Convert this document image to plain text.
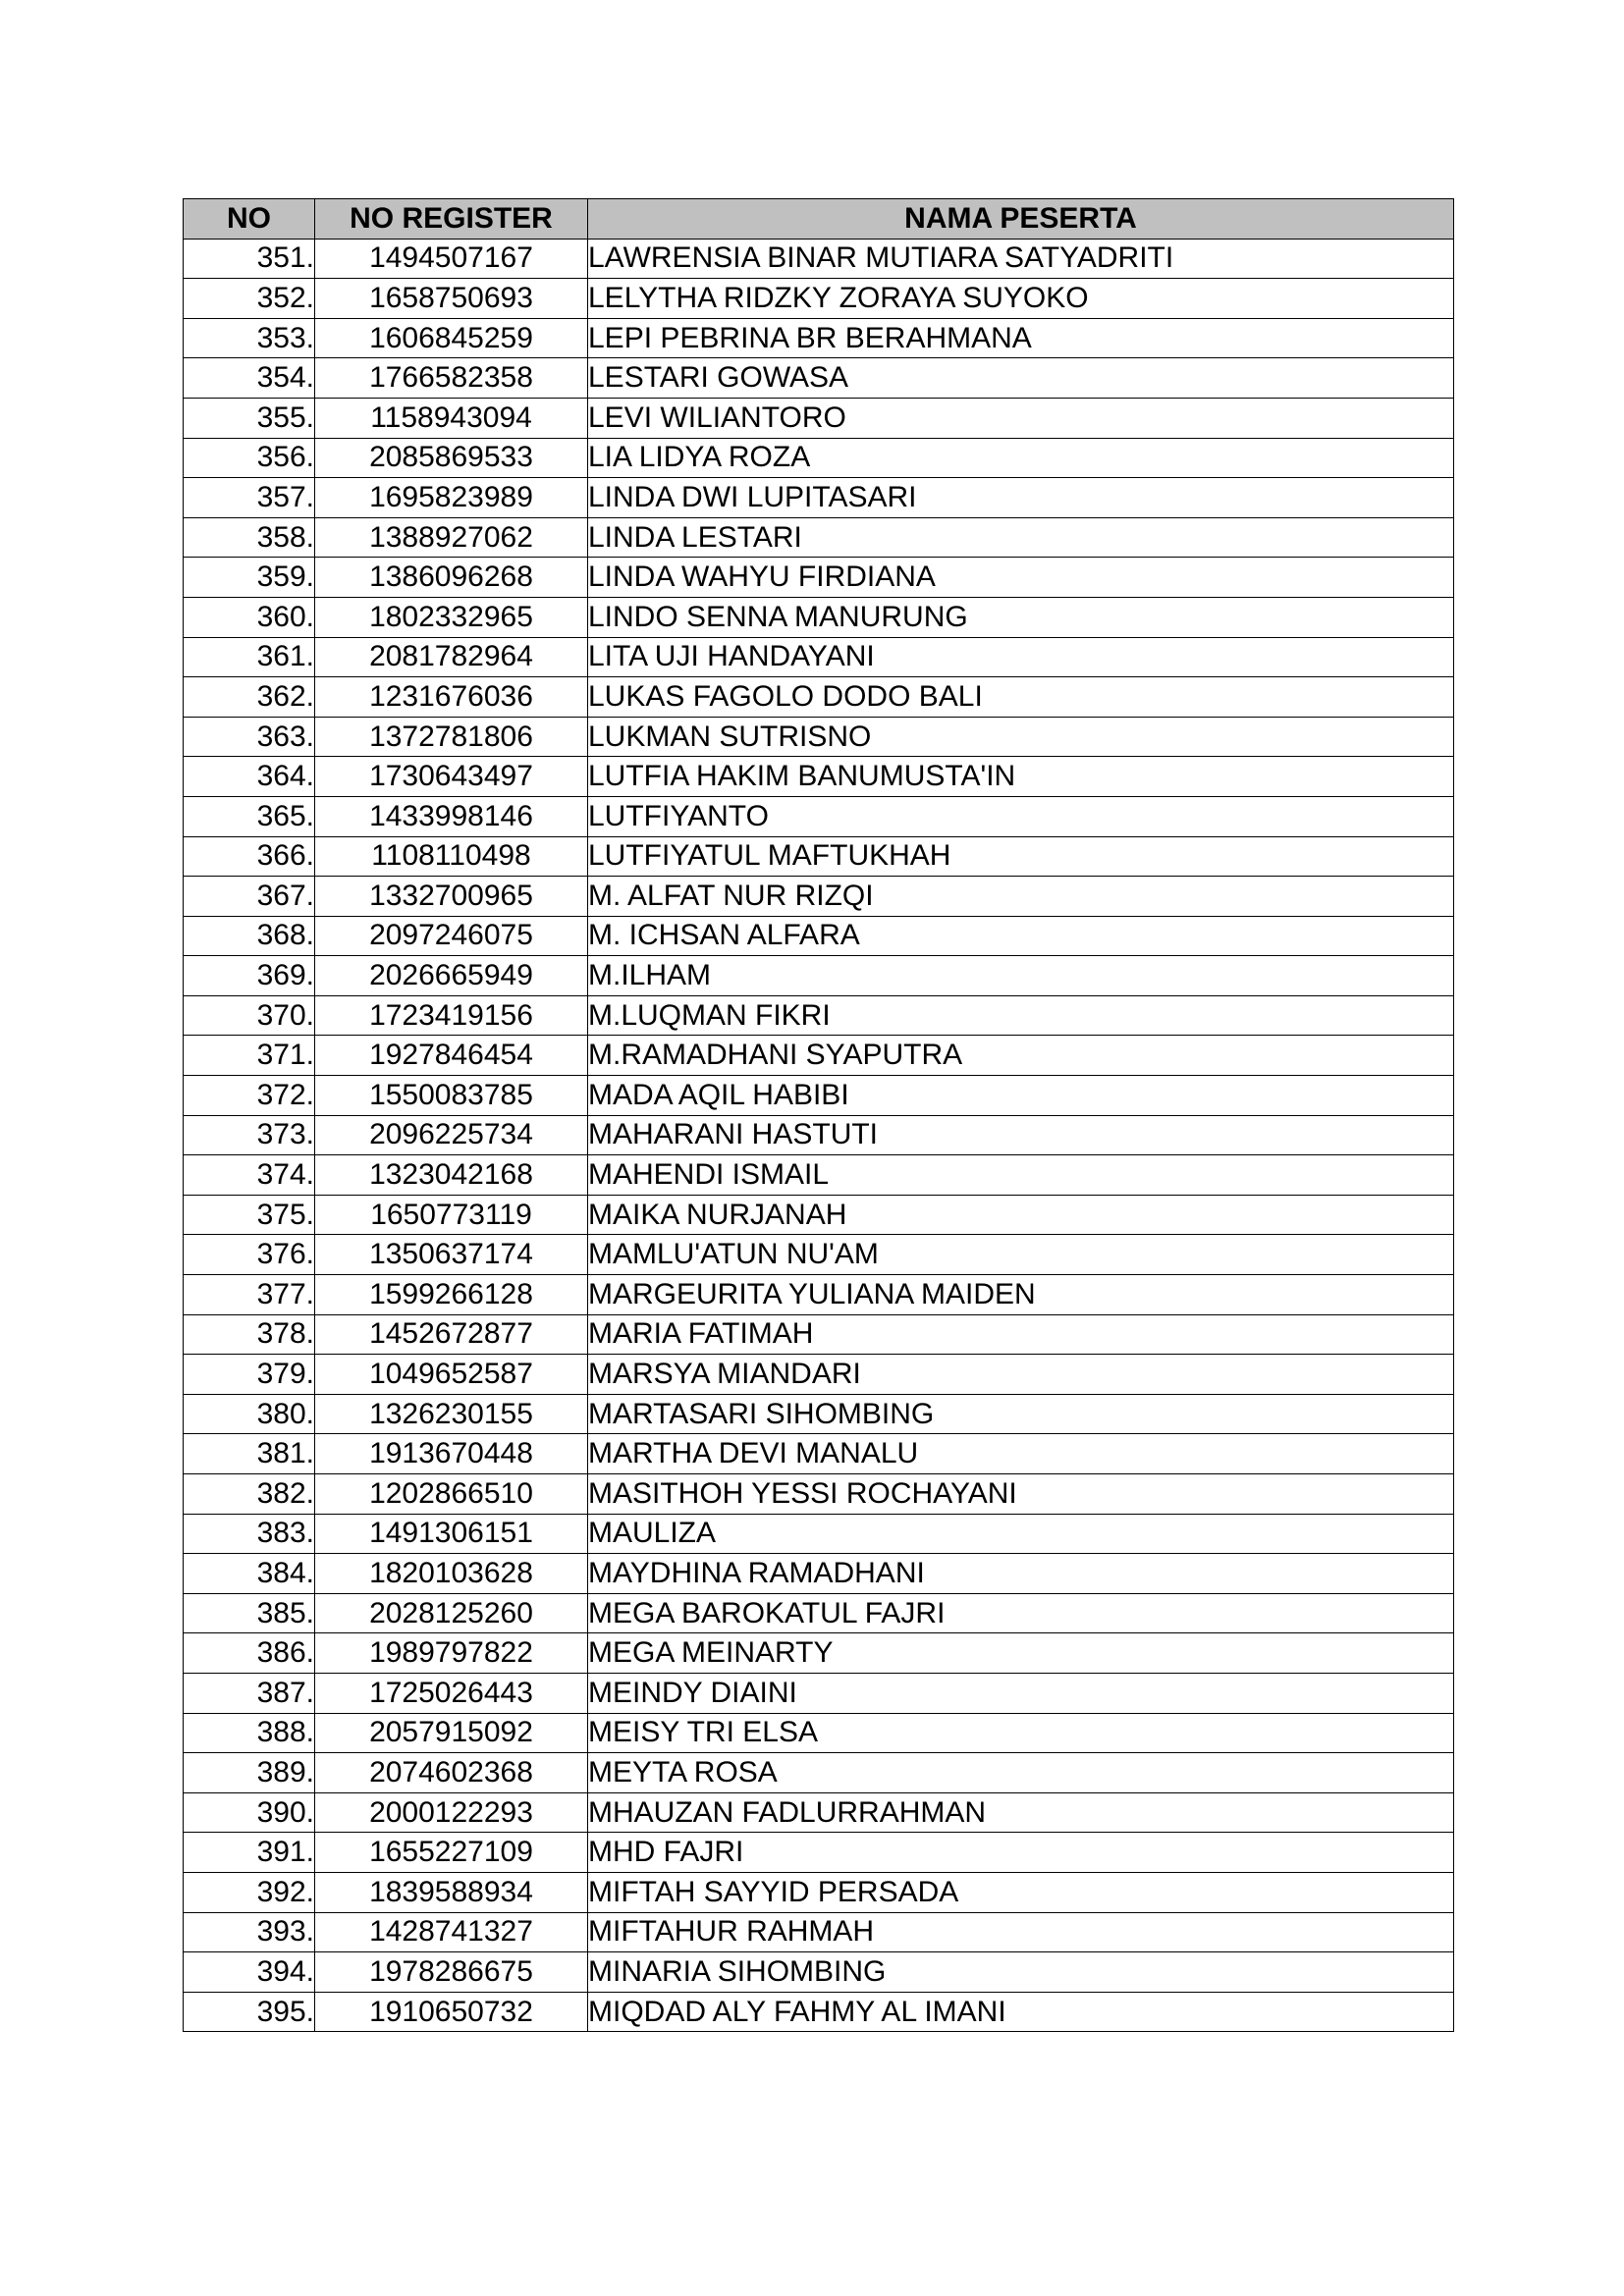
NO	NO REGISTER	NAMA PESERTA
351.	1494507167	LAWRENSIA BINAR MUTIARA SATYADRITI
352.	1658750693	LELYTHA RIDZKY ZORAYA SUYOKO
353.	1606845259	LEPI PEBRINA BR BERAHMANA
354.	1766582358	LESTARI GOWASA
355.	1158943094	LEVI WILIANTORO
356.	2085869533	LIA LIDYA ROZA
357.	1695823989	LINDA DWI LUPITASARI
358.	1388927062	LINDA LESTARI
359.	1386096268	LINDA WAHYU FIRDIANA
360.	1802332965	LINDO SENNA MANURUNG
361.	2081782964	LITA UJI HANDAYANI
362.	1231676036	LUKAS FAGOLO DODO BALI
363.	1372781806	LUKMAN SUTRISNO
364.	1730643497	LUTFIA HAKIM BANUMUSTA'IN
365.	1433998146	LUTFIYANTO
366.	1108110498	LUTFIYATUL MAFTUKHAH
367.	1332700965	M. ALFAT NUR RIZQI
368.	2097246075	M. ICHSAN ALFARA
369.	2026665949	M.ILHAM
370.	1723419156	M.LUQMAN FIKRI
371.	1927846454	M.RAMADHANI SYAPUTRA
372.	1550083785	MADA AQIL HABIBI
373.	2096225734	MAHARANI HASTUTI
374.	1323042168	MAHENDI ISMAIL
375.	1650773119	MAIKA NURJANAH
376.	1350637174	MAMLU'ATUN NU'AM
377.	1599266128	MARGEURITA YULIANA MAIDEN
378.	1452672877	MARIA FATIMAH
379.	1049652587	MARSYA MIANDARI
380.	1326230155	MARTASARI SIHOMBING
381.	1913670448	MARTHA DEVI MANALU
382.	1202866510	MASITHOH YESSI ROCHAYANI
383.	1491306151	MAULIZA
384.	1820103628	MAYDHINA RAMADHANI
385.	2028125260	MEGA BAROKATUL FAJRI
386.	1989797822	MEGA MEINARTY
387.	1725026443	MEINDY DIAINI
388.	2057915092	MEISY TRI ELSA
389.	2074602368	MEYTA ROSA
390.	2000122293	MHAUZAN FADLURRAHMAN
391.	1655227109	MHD FAJRI
392.	1839588934	MIFTAH SAYYID PERSADA
393.	1428741327	MIFTAHUR RAHMAH
394.	1978286675	MINARIA SIHOMBING
395.	1910650732	MIQDAD ALY FAHMY AL IMANI
